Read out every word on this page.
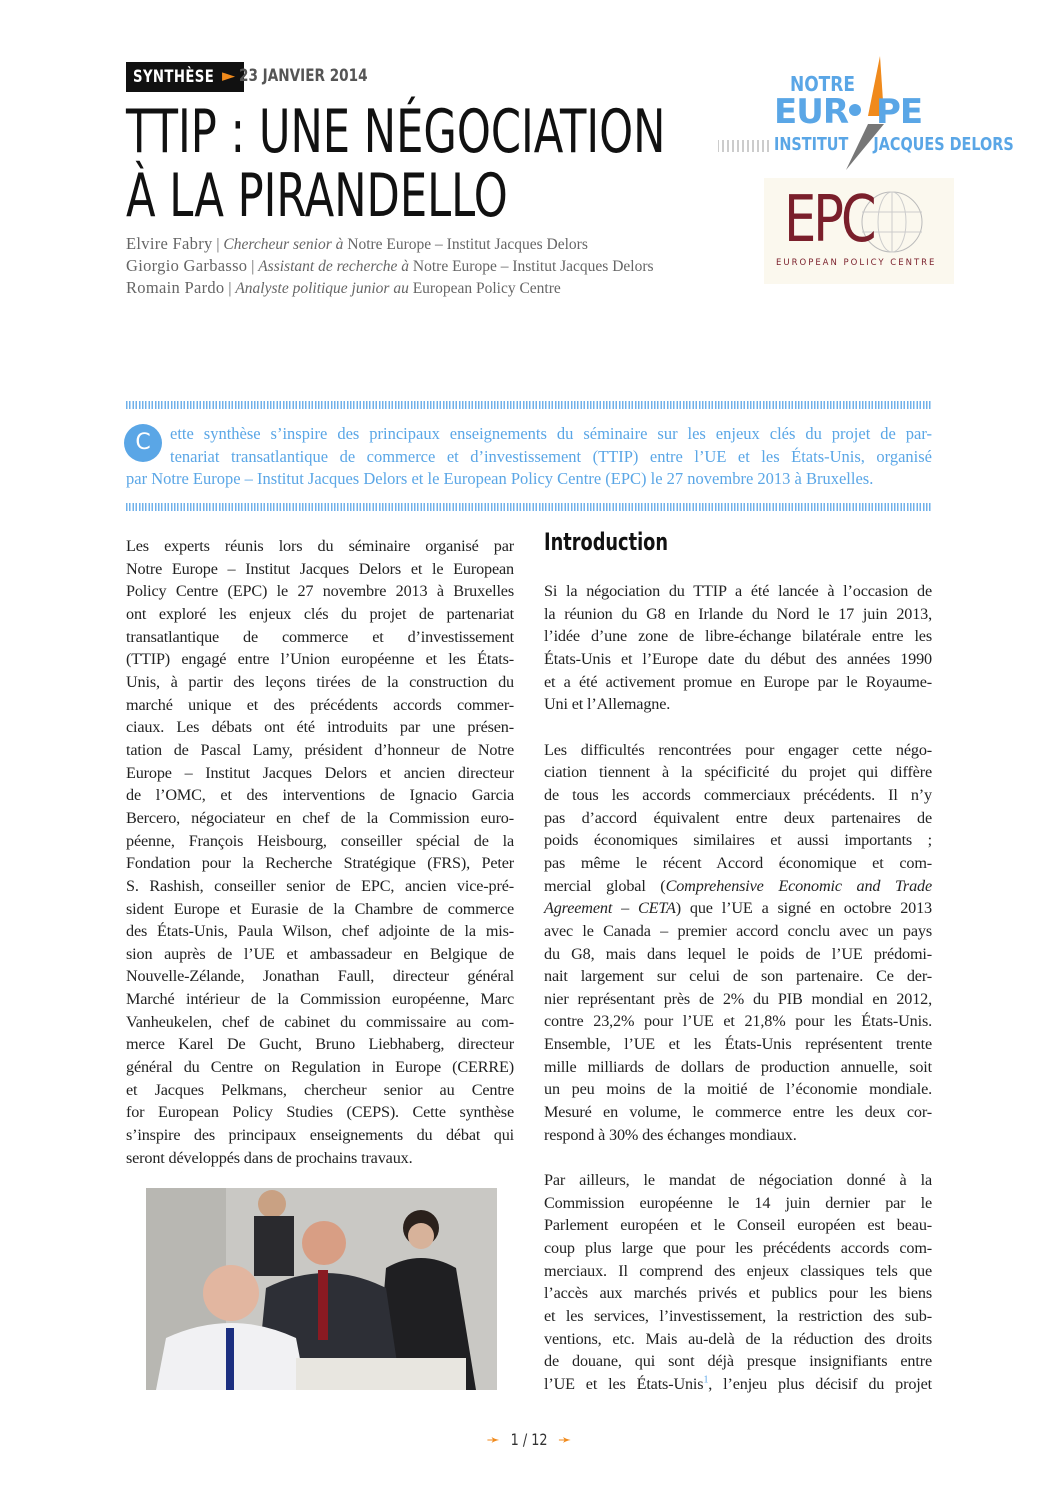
SYNTHÈSE ► 23 JANVIER 2014
TTIP : UNE NÉGOCIATION
À LA PIRANDELLO
Elvire Fabry | Chercheur senior à Notre Europe – Institut Jacques Delors
Giorgio Garbasso | Assistant de recherche à Notre Europe – Institut Jacques Delors
Romain Pardo | Analyste politique junior au European Policy Centre
NOTRE
EUR PE
INSTITUT JACQUES DELORS
EPC
EUROPEAN POLICY CENTRE
C	ette synthèse s’inspire des principaux enseignements du séminaire sur les enjeux clés du projet de par-
tenariat transatlantique de commerce et d’investissement (TTIP) entre l’UE et les États-Unis, organisé
par Notre Europe – Institut Jacques Delors et le European Policy Centre (EPC) le 27 novembre 2013 à Bruxelles.
Les experts réunis lors du séminaire organisé par
Notre Europe – Institut Jacques Delors et le European
Policy Centre (EPC) le 27 novembre 2013 à Bruxelles
ont exploré les enjeux clés du projet de partenariat
transatlantique de commerce et d’investissement
(TTIP) engagé entre l’Union européenne et les États-
Unis, à partir des leçons tirées de la construction du
marché unique et des précédents accords commer-
ciaux. Les débats ont été introduits par une présen-
tation de Pascal Lamy, président d’honneur de Notre
Europe – Institut Jacques Delors et ancien directeur
de l’OMC, et des interventions de Ignacio Garcia
Bercero, négociateur en chef de la Commission euro-
péenne, François Heisbourg, conseiller spécial de la
Fondation pour la Recherche Stratégique (FRS), Peter
S. Rashish, conseiller senior de EPC, ancien vice-pré-
sident Europe et Eurasie de la Chambre de commerce
des États-Unis, Paula Wilson, chef adjointe de la mis-
sion auprès de l’UE et ambassadeur en Belgique de
Nouvelle-Zélande, Jonathan Faull, directeur général
Marché intérieur de la Commission européenne, Marc
Vanheukelen, chef de cabinet du commissaire au com-
merce Karel De Gucht, Bruno Liebhaberg, directeur
général du Centre on Regulation in Europe (CERRE)
et Jacques Pelkmans, chercheur senior au Centre
for European Policy Studies (CEPS). Cette synthèse
s’inspire des principaux enseignements du débat qui
seront développés dans de prochains travaux.
Introduction
Si la négociation du TTIP a été lancée à l’occasion de
la réunion du G8 en Irlande du Nord le 17 juin 2013,
l’idée d’une zone de libre-échange bilatérale entre les
États-Unis et l’Europe date du début des années 1990
et a été activement promue en Europe par le Royaume-
Uni et l’Allemagne.
Les difficultés rencontrées pour engager cette négo-
ciation tiennent à la spécificité du projet qui diffère
de tous les accords commerciaux précédents. Il n’y
pas d’accord équivalent entre deux partenaires de
poids économiques similaires et aussi importants ;
pas même le récent Accord économique et com-
mercial global (Comprehensive Economic and Trade
Agreement – CETA) que l’UE a signé en octobre 2013
avec le Canada – premier accord conclu avec un pays
du G8, mais dans lequel le poids de l’UE prédomi-
nait largement sur celui de son partenaire. Ce der-
nier représentant près de 2% du PIB mondial en 2012,
contre 23,2% pour l’UE et 21,8% pour les États-Unis.
Ensemble, l’UE et les États-Unis représentent trente
mille milliards de dollars de production annuelle, soit
un peu moins de la moitié de l’économie mondiale.
Mesuré en volume, le commerce entre les deux cor-
respond à 30% des échanges mondiaux.
Par ailleurs, le mandat de négociation donné à la
Commission européenne le 14 juin dernier par le
Parlement européen et le Conseil européen est beau-
coup plus large que pour les précédents accords com-
merciaux. Il comprend des enjeux classiques tels que
l’accès aux marchés privés et publics pour les biens
et les services, l’investissement, la restriction des sub-
ventions, etc. Mais au-delà de la réduction des droits
de douane, qui sont déjà presque insignifiants entre
l’UE et les États-Unis$^1$, l’enjeu plus décisif du projet
➛ 1 / 12 ➛
